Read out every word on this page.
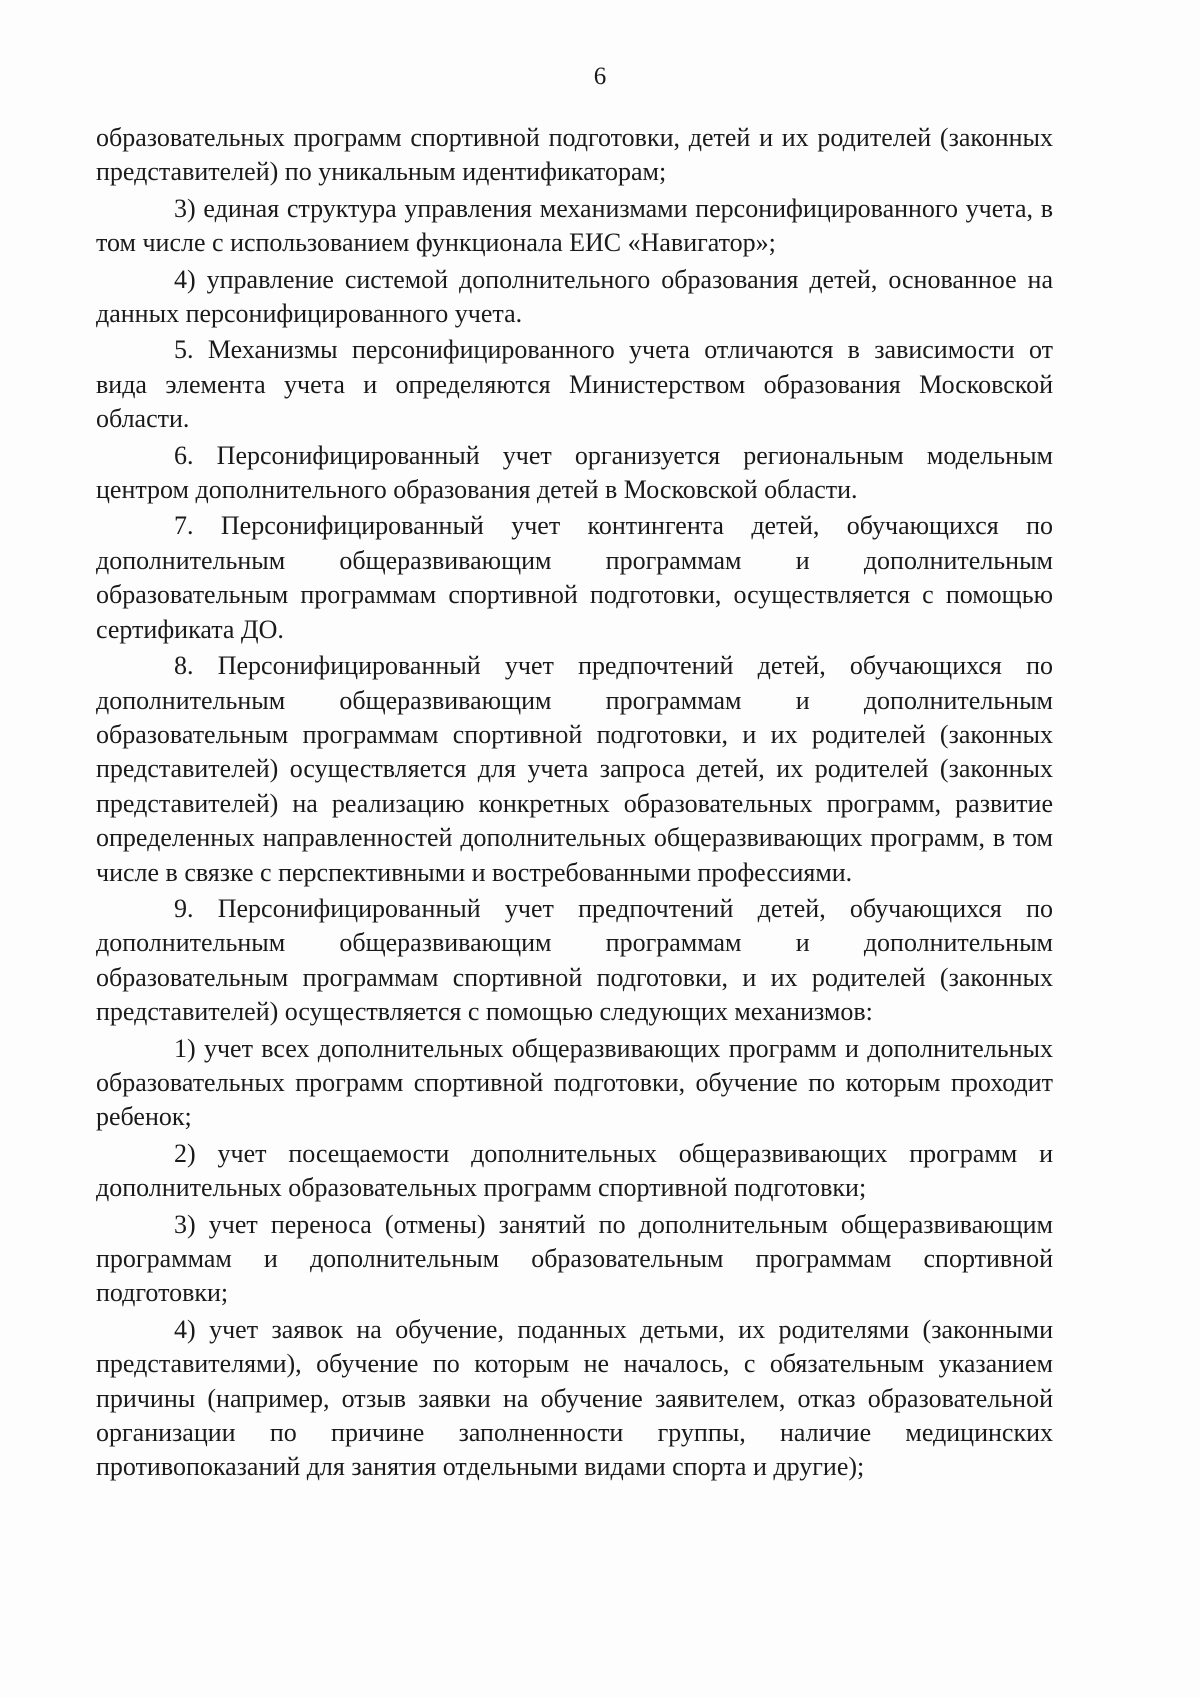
6

образовательных программ спортивной подготовки, детей и их родителей (законных представителей) по уникальным идентификаторам;

3) единая структура управления механизмами персонифицированного учета, в том числе с использованием функционала ЕИС «Навигатор»;

4) управление системой дополнительного образования детей, основанное на данных персонифицированного учета.

5. Механизмы персонифицированного учета отличаются в зависимости от вида элемента учета и определяются Министерством образования Московской области.

6. Персонифицированный учет организуется региональным модельным центром дополнительного образования детей в Московской области.

7. Персонифицированный учет контингента детей, обучающихся по дополнительным общеразвивающим программам и дополнительным образовательным программам спортивной подготовки, осуществляется с помощью сертификата ДО.

8. Персонифицированный учет предпочтений детей, обучающихся по дополнительным общеразвивающим программам и дополнительным образовательным программам спортивной подготовки, и их родителей (законных представителей) осуществляется для учета запроса детей, их родителей (законных представителей) на реализацию конкретных образовательных программ, развитие определенных направленностей дополнительных общеразвивающих программ, в том числе в связке с перспективными и востребованными профессиями.

9. Персонифицированный учет предпочтений детей, обучающихся по дополнительным общеразвивающим программам и дополнительным образовательным программам спортивной подготовки, и их родителей (законных представителей) осуществляется с помощью следующих механизмов:

1) учет всех дополнительных общеразвивающих программ и дополнительных образовательных программ спортивной подготовки, обучение по которым проходит ребенок;

2) учет посещаемости дополнительных общеразвивающих программ и дополнительных образовательных программ спортивной подготовки;

3) учет переноса (отмены) занятий по дополнительным общеразвивающим программам и дополнительным образовательным программам спортивной подготовки;

4) учет заявок на обучение, поданных детьми, их родителями (законными представителями), обучение по которым не началось, с обязательным указанием причины (например, отзыв заявки на обучение заявителем, отказ образовательной организации по причине заполненности группы, наличие медицинских противопоказаний для занятия отдельными видами спорта и другие);
